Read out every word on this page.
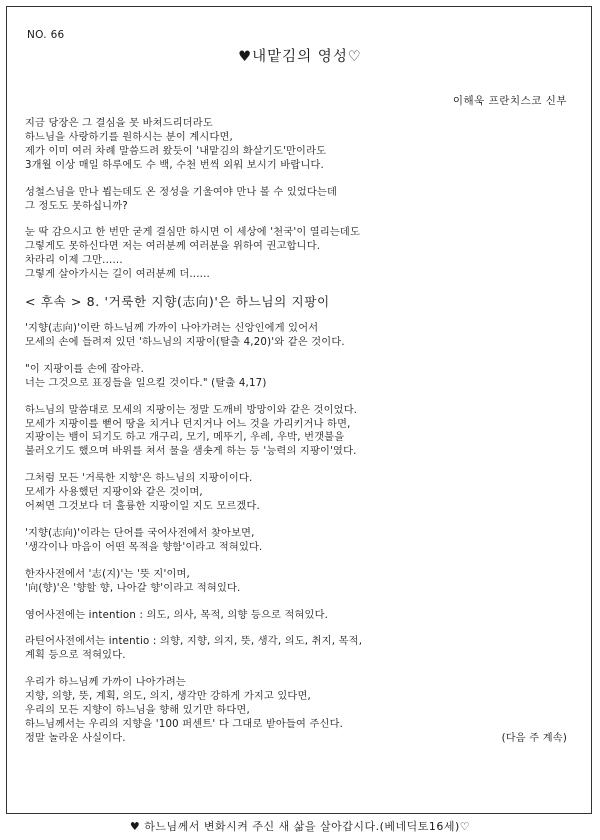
NO. 66
♥내맡김의 영성♡
이해욱 프란치스코 신부
지금 당장은 그 결심을 못 바쳐드리더라도
하느님을 사랑하기를 원하시는 분이 계시다면,
제가 이미 여러 차례 말씀드려 왔듯이 '내맡김의 화살기도'만이라도
3개월 이상 매일 하루에도 수 백, 수천 번씩 외워 보시기 바랍니다.
성철스님을 만나 뵙는데도 온 정성을 기울여야 만나 볼 수 있었다는데
그 정도도 못하십니까?
눈 딱 감으시고 한 번만 굳게 결심만 하시면 이 세상에 '천국'이 열리는데도
그렇게도 못하신다면 저는 여러분께 여러분을 위하여 권고합니다.
차라리 이제 그만......
그렇게 살아가시는 길이 여러분께 더......
< 후속 > 8. '거룩한 지향(志向)'은 하느님의 지팡이
'지향(志向)'이란 하느님께 가까이 나아가려는 신앙인에게 있어서
모세의 손에 들려져 있던 '하느님의 지팡이(탈출 4,20)'와 같은 것이다.
"이 지팡이를 손에 잡아라.
너는 그것으로 표징들을 일으킬 것이다." (탈출 4,17)
하느님의 말씀대로 모세의 지팡이는 정말 도깨비 방망이와 같은 것이었다.
모세가 지팡이를 뻗어 땅을 치거나 던지거나 어느 것을 가리키거나 하면,
지팡이는 뱀이 되기도 하고 개구리, 모기, 메뚜기, 우레, 우박, 번갯불을
불러오기도 했으며 바위를 쳐서 물을 샘솟게 하는 등 '능력의 지팡이'였다.
그처럼 모든 '거룩한 지향'은 하느님의 지팡이이다.
모세가 사용했던 지팡이와 같은 것이며,
어쩌면 그것보다 더 훌륭한 지팡이일 지도 모르겠다.
'지향(志向)'이라는 단어를 국어사전에서 찾아보면,
'생각이나 마음이 어떤 목적을 향함'이라고 적혀있다.
한자사전에서 '志(지)'는 '뜻 지'이며,
'向(향)'은 '향할 향, 나아갈 향'이라고 적혀있다.
영어사전에는 intention : 의도, 의사, 목적, 의향 등으로 적혀있다.
라틴어사전에서는 intentio : 의향, 지향, 의지, 뜻, 생각, 의도, 취지, 목적,
계획 등으로 적혀있다.
우리가 하느님께 가까이 나아가려는
지향, 의향, 뜻, 계획, 의도, 의지, 생각만 강하게 가지고 있다면,
우리의 모든 지향이 하느님을 향해 있기만 하다면,
하느님께서는 우리의 지향을 '100 퍼센트' 다 그대로 받아들여 주신다.
정말 놀라운 사실이다.	(다음 주 계속)
♥ 하느님께서 변화시켜 주신 새 삶을 살아갑시다.(베네딕토16세)♡
